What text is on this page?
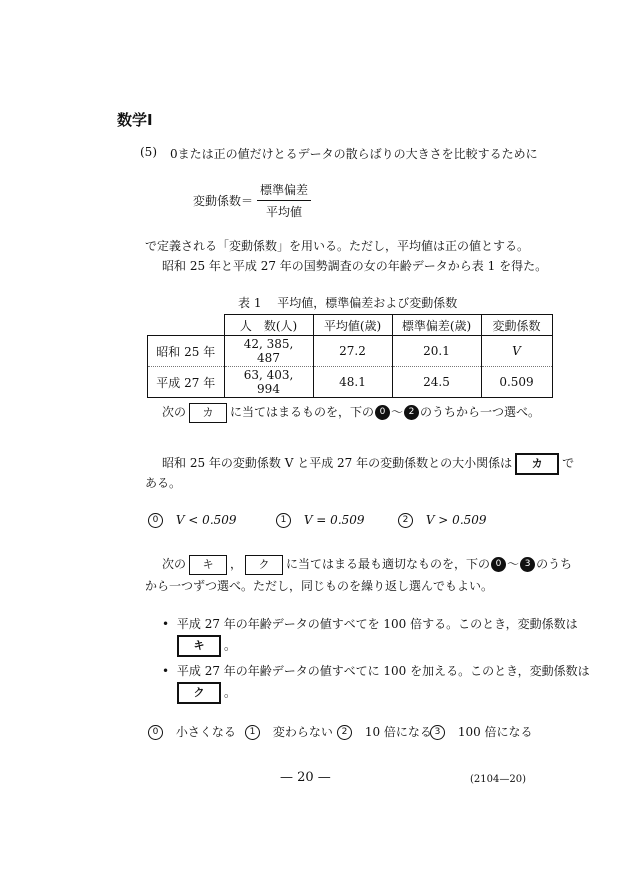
数学Ⅰ
(5) 0または正の値だけとるデータの散らばりの大きさを比較するために
変動係数＝ $\frac{\text{標準偏差}}{\text{平均値}}$
で定義される「変動係数」を用いる。ただし，平均値は正の値とする。
昭和 25 年と平成 27 年の国勢調査の女の年齢データから表 1 を得た。
表 1　 平均値，標準偏差および変動係数
	人　数(人)	平均値(歳)	標準偏差(歳)	変動係数
昭和 25 年	42, 385, 487	27.2	20.1	V
平成 27 年	63, 403, 994	48.1	24.5	0.509
次の カ に当てはまるものを，下の 0 ～ 2 のうちから一つ選べ。
昭和 25 年の変動係数 V と平成 27 年の変動係数との大小関係は カ で
ある。
0 V < 0.509	1 V = 0.509	2 V > 0.509
次の キ ， ク に当てはまる最も適切なものを，下の 0 ～ 3 のうち
から一つずつ選べ。ただし，同じものを繰り返し選んでもよい。
• 平成 27 年の年齢データの値すべてを 100 倍する。このとき，変動係数は
キ 。
• 平成 27 年の年齢データの値すべてに 100 を加える。このとき，変動係数は
ク 。
0 小さくなる	1 変わらない 2 10 倍になる 3 100 倍になる
— 20 —	(2104—20)
